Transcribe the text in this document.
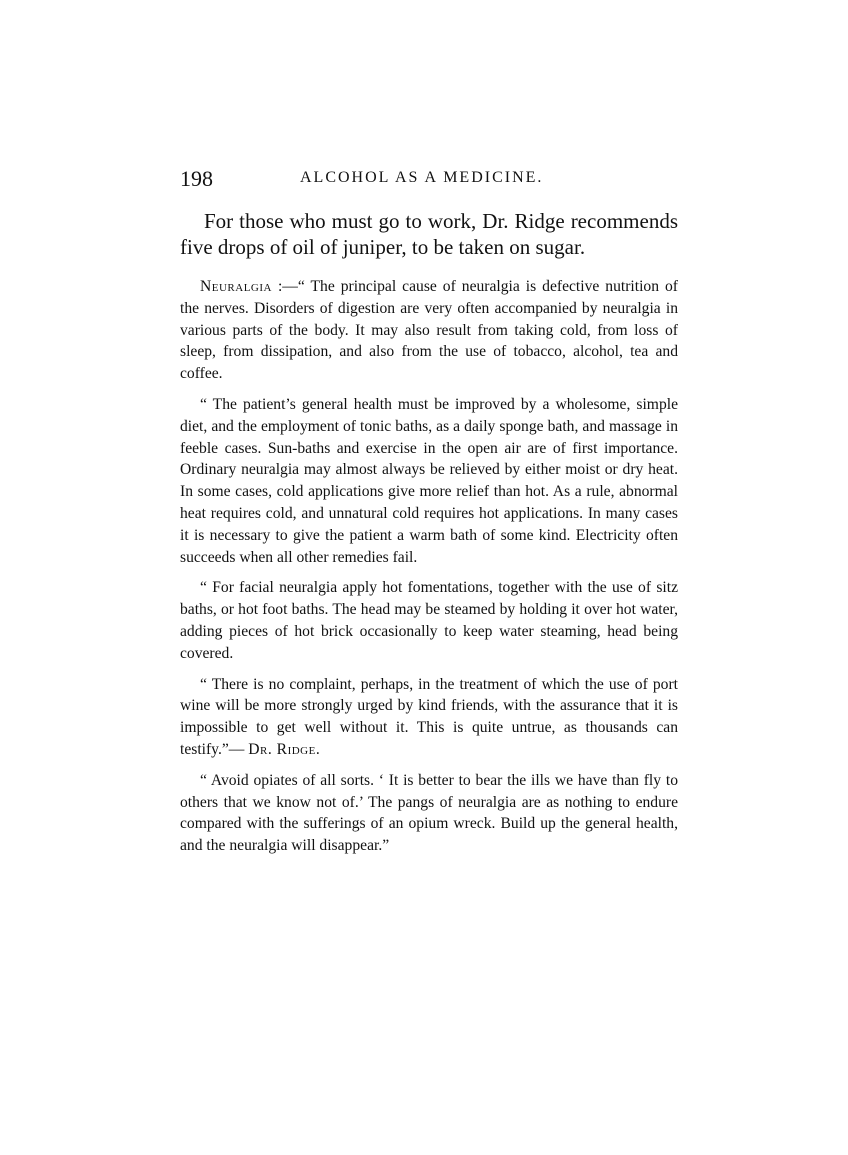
198	ALCOHOL AS A MEDICINE.

For those who must go to work, Dr. Ridge recommends five drops of oil of juniper, to be taken on sugar.

Neuralgia :—“ The principal cause of neuralgia is defective nutrition of the nerves. Disorders of digestion are very often accompanied by neuralgia in various parts of the body. It may also result from taking cold, from loss of sleep, from dissipation, and also from the use of tobacco, alcohol, tea and coffee.

“ The patient’s general health must be improved by a wholesome, simple diet, and the employment of tonic baths, as a daily sponge bath, and massage in feeble cases. Sun-baths and exercise in the open air are of first importance. Ordinary neuralgia may almost always be relieved by either moist or dry heat. In some cases, cold applications give more relief than hot. As a rule, abnormal heat requires cold, and unnatural cold requires hot applications. In many cases it is necessary to give the patient a warm bath of some kind. Electricity often succeeds when all other remedies fail.

“ For facial neuralgia apply hot fomentations, together with the use of sitz baths, or hot foot baths. The head may be steamed by holding it over hot water, adding pieces of hot brick occasionally to keep water steaming, head being covered.

“ There is no complaint, perhaps, in the treatment of which the use of port wine will be more strongly urged by kind friends, with the assurance that it is impossible to get well without it. This is quite untrue, as thousands can testify.”— Dr. Ridge.

“ Avoid opiates of all sorts. ‘ It is better to bear the ills we have than fly to others that we know not of.’ The pangs of neuralgia are as nothing to endure compared with the sufferings of an opium wreck. Build up the general health, and the neuralgia will disappear.”
